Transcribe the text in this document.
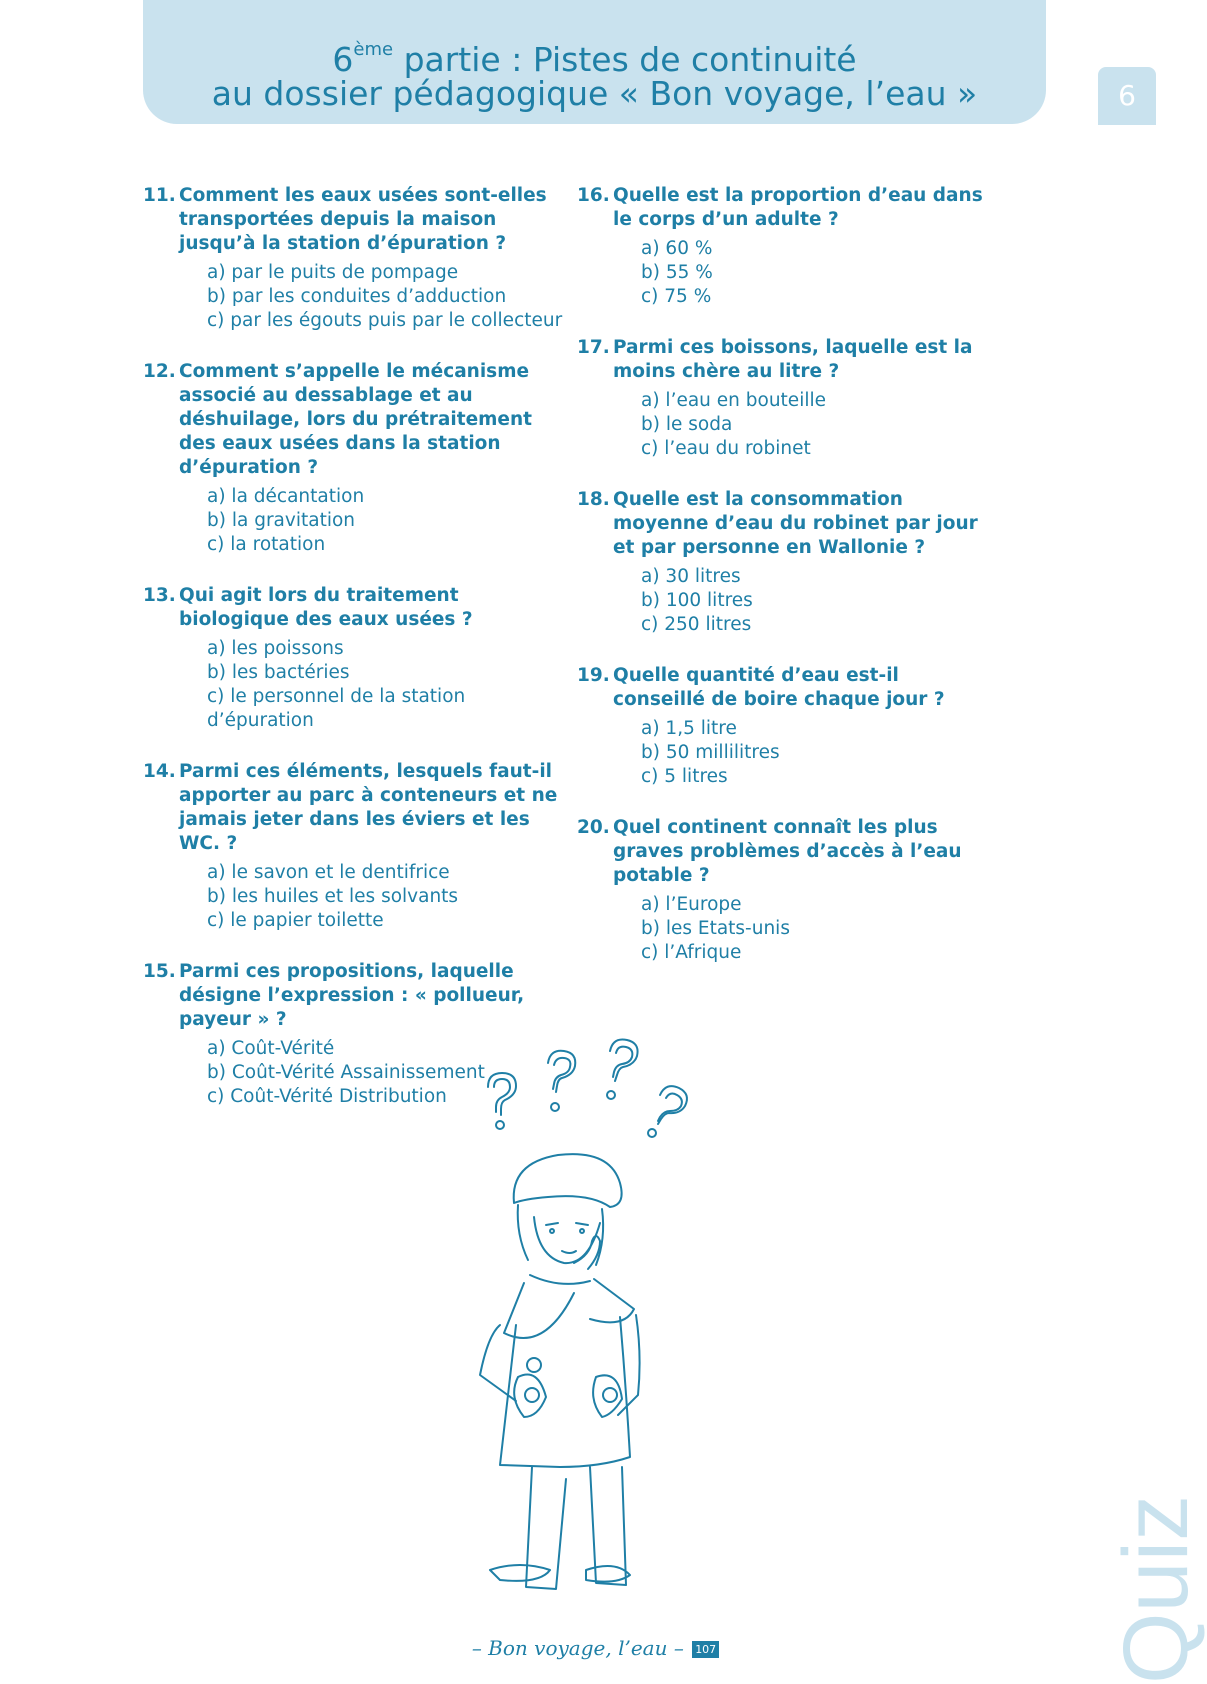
6ème partie : Pistes de continuité
au dossier pédagogique « Bon voyage, l’eau »	6
11. Comment les eaux usées sont-elles transportées depuis la maison jusqu’à la station d’épuration ?
a) par le puits de pompage
b) par les conduites d’adduction
c) par les égouts puis par le collecteur
12. Comment s’appelle le mécanisme associé au dessablage et au déshuilage, lors du prétraitement des eaux usées dans la station d’épuration ?
a) la décantation
b) la gravitation
c) la rotation
13. Qui agit lors du traitement biologique des eaux usées ?
a) les poissons
b) les bactéries
c) le personnel de la station d’épuration
14. Parmi ces éléments, lesquels faut-il apporter au parc à conteneurs et ne jamais jeter dans les éviers et les WC. ?
a) le savon et le dentifrice
b) les huiles et les solvants
c) le papier toilette
15. Parmi ces propositions, laquelle désigne l’expression : « pollueur, payeur » ?
a) Coût-Vérité
b) Coût-Vérité Assainissement
c) Coût-Vérité Distribution
16. Quelle est la proportion d’eau dans le corps d’un adulte ?
a) 60 %
b) 55 %
c) 75 %
17. Parmi ces boissons, laquelle est la moins chère au litre ?
a) l’eau en bouteille
b) le soda
c) l’eau du robinet
18. Quelle est la consommation moyenne d’eau du robinet par jour et par personne en Wallonie ?
a) 30 litres
b) 100 litres
c) 250 litres
19. Quelle quantité d’eau est-il conseillé de boire chaque jour ?
a) 1,5 litre
b) 50 millilitres
c) 5 litres
20. Quel continent connaît les plus graves problèmes d’accès à l’eau potable ?
a) l’Europe
b) les Etats-unis
c) l’Afrique
– Bon voyage, l’eau – 107	Quiz
